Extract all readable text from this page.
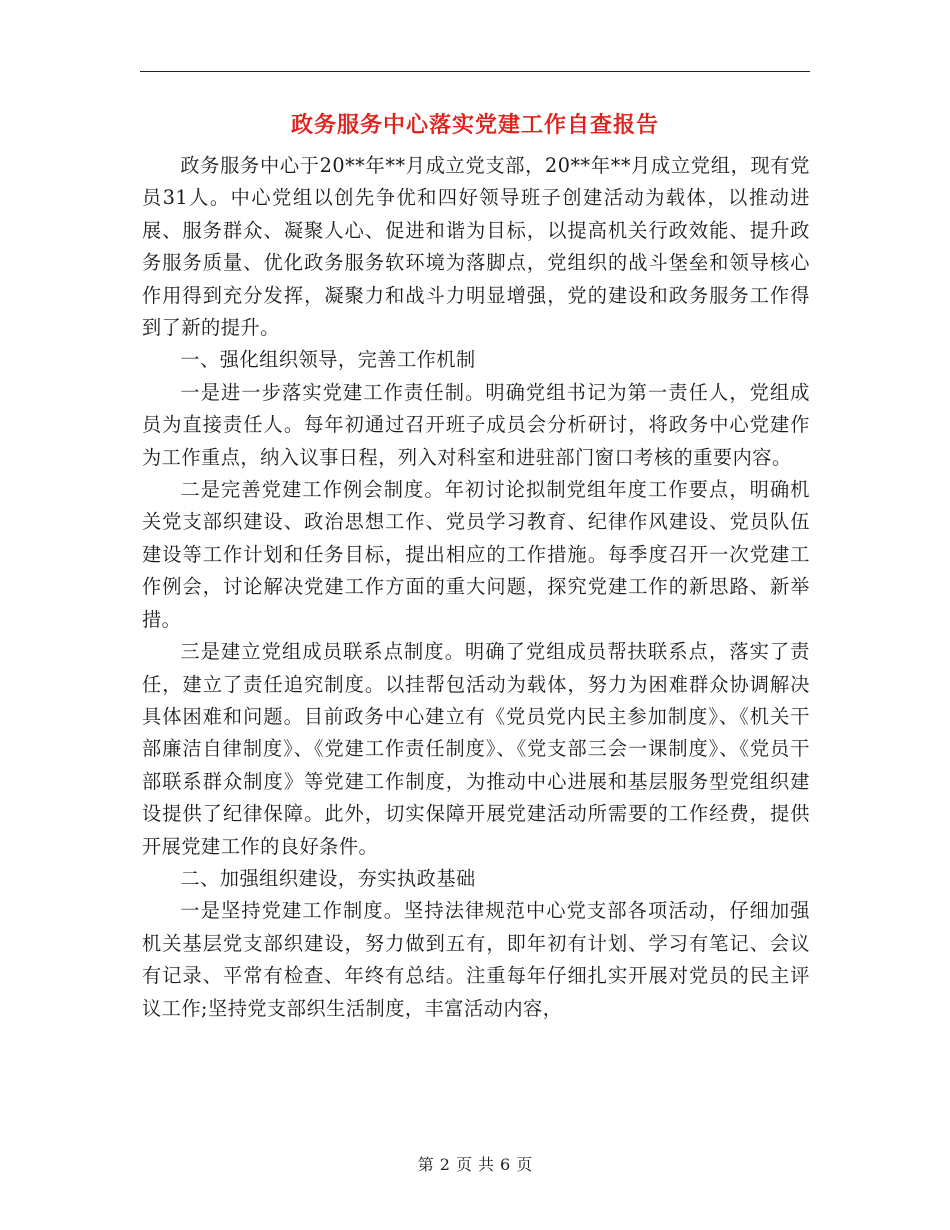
政务服务中心落实党建工作自查报告

政务服务中心于20**年**月成立党支部，20**年**月成立党组，现有党员31人。中心党组以创先争优和四好领导班子创建活动为载体，以推动进展、服务群众、凝聚人心、促进和谐为目标，以提高机关行政效能、提升政务服务质量、优化政务服务软环境为落脚点，党组织的战斗堡垒和领导核心作用得到充分发挥，凝聚力和战斗力明显增强，党的建设和政务服务工作得到了新的提升。

一、强化组织领导，完善工作机制

一是进一步落实党建工作责任制。明确党组书记为第一责任人，党组成员为直接责任人。每年初通过召开班子成员会分析研讨，将政务中心党建作为工作重点，纳入议事日程，列入对科室和进驻部门窗口考核的重要内容。

二是完善党建工作例会制度。年初讨论拟制党组年度工作要点，明确机关党支部织建设、政治思想工作、党员学习教育、纪律作风建设、党员队伍建设等工作计划和任务目标，提出相应的工作措施。每季度召开一次党建工作例会，讨论解决党建工作方面的重大问题，探究党建工作的新思路、新举措。

三是建立党组成员联系点制度。明确了党组成员帮扶联系点，落实了责任，建立了责任追究制度。以挂帮包活动为载体，努力为困难群众协调解决具体困难和问题。目前政务中心建立有《党员党内民主参加制度》、《机关干部廉洁自律制度》、《党建工作责任制度》、《党支部三会一课制度》、《党员干部联系群众制度》等党建工作制度，为推动中心进展和基层服务型党组织建设提供了纪律保障。此外，切实保障开展党建活动所需要的工作经费，提供开展党建工作的良好条件。

二、加强组织建设，夯实执政基础

一是坚持党建工作制度。坚持法律规范中心党支部各项活动，仔细加强机关基层党支部织建设，努力做到五有，即年初有计划、学习有笔记、会议有记录、平常有检查、年终有总结。注重每年仔细扎实开展对党员的民主评议工作;坚持党支部织生活制度，丰富活动内容，

第 2 页 共 6 页
